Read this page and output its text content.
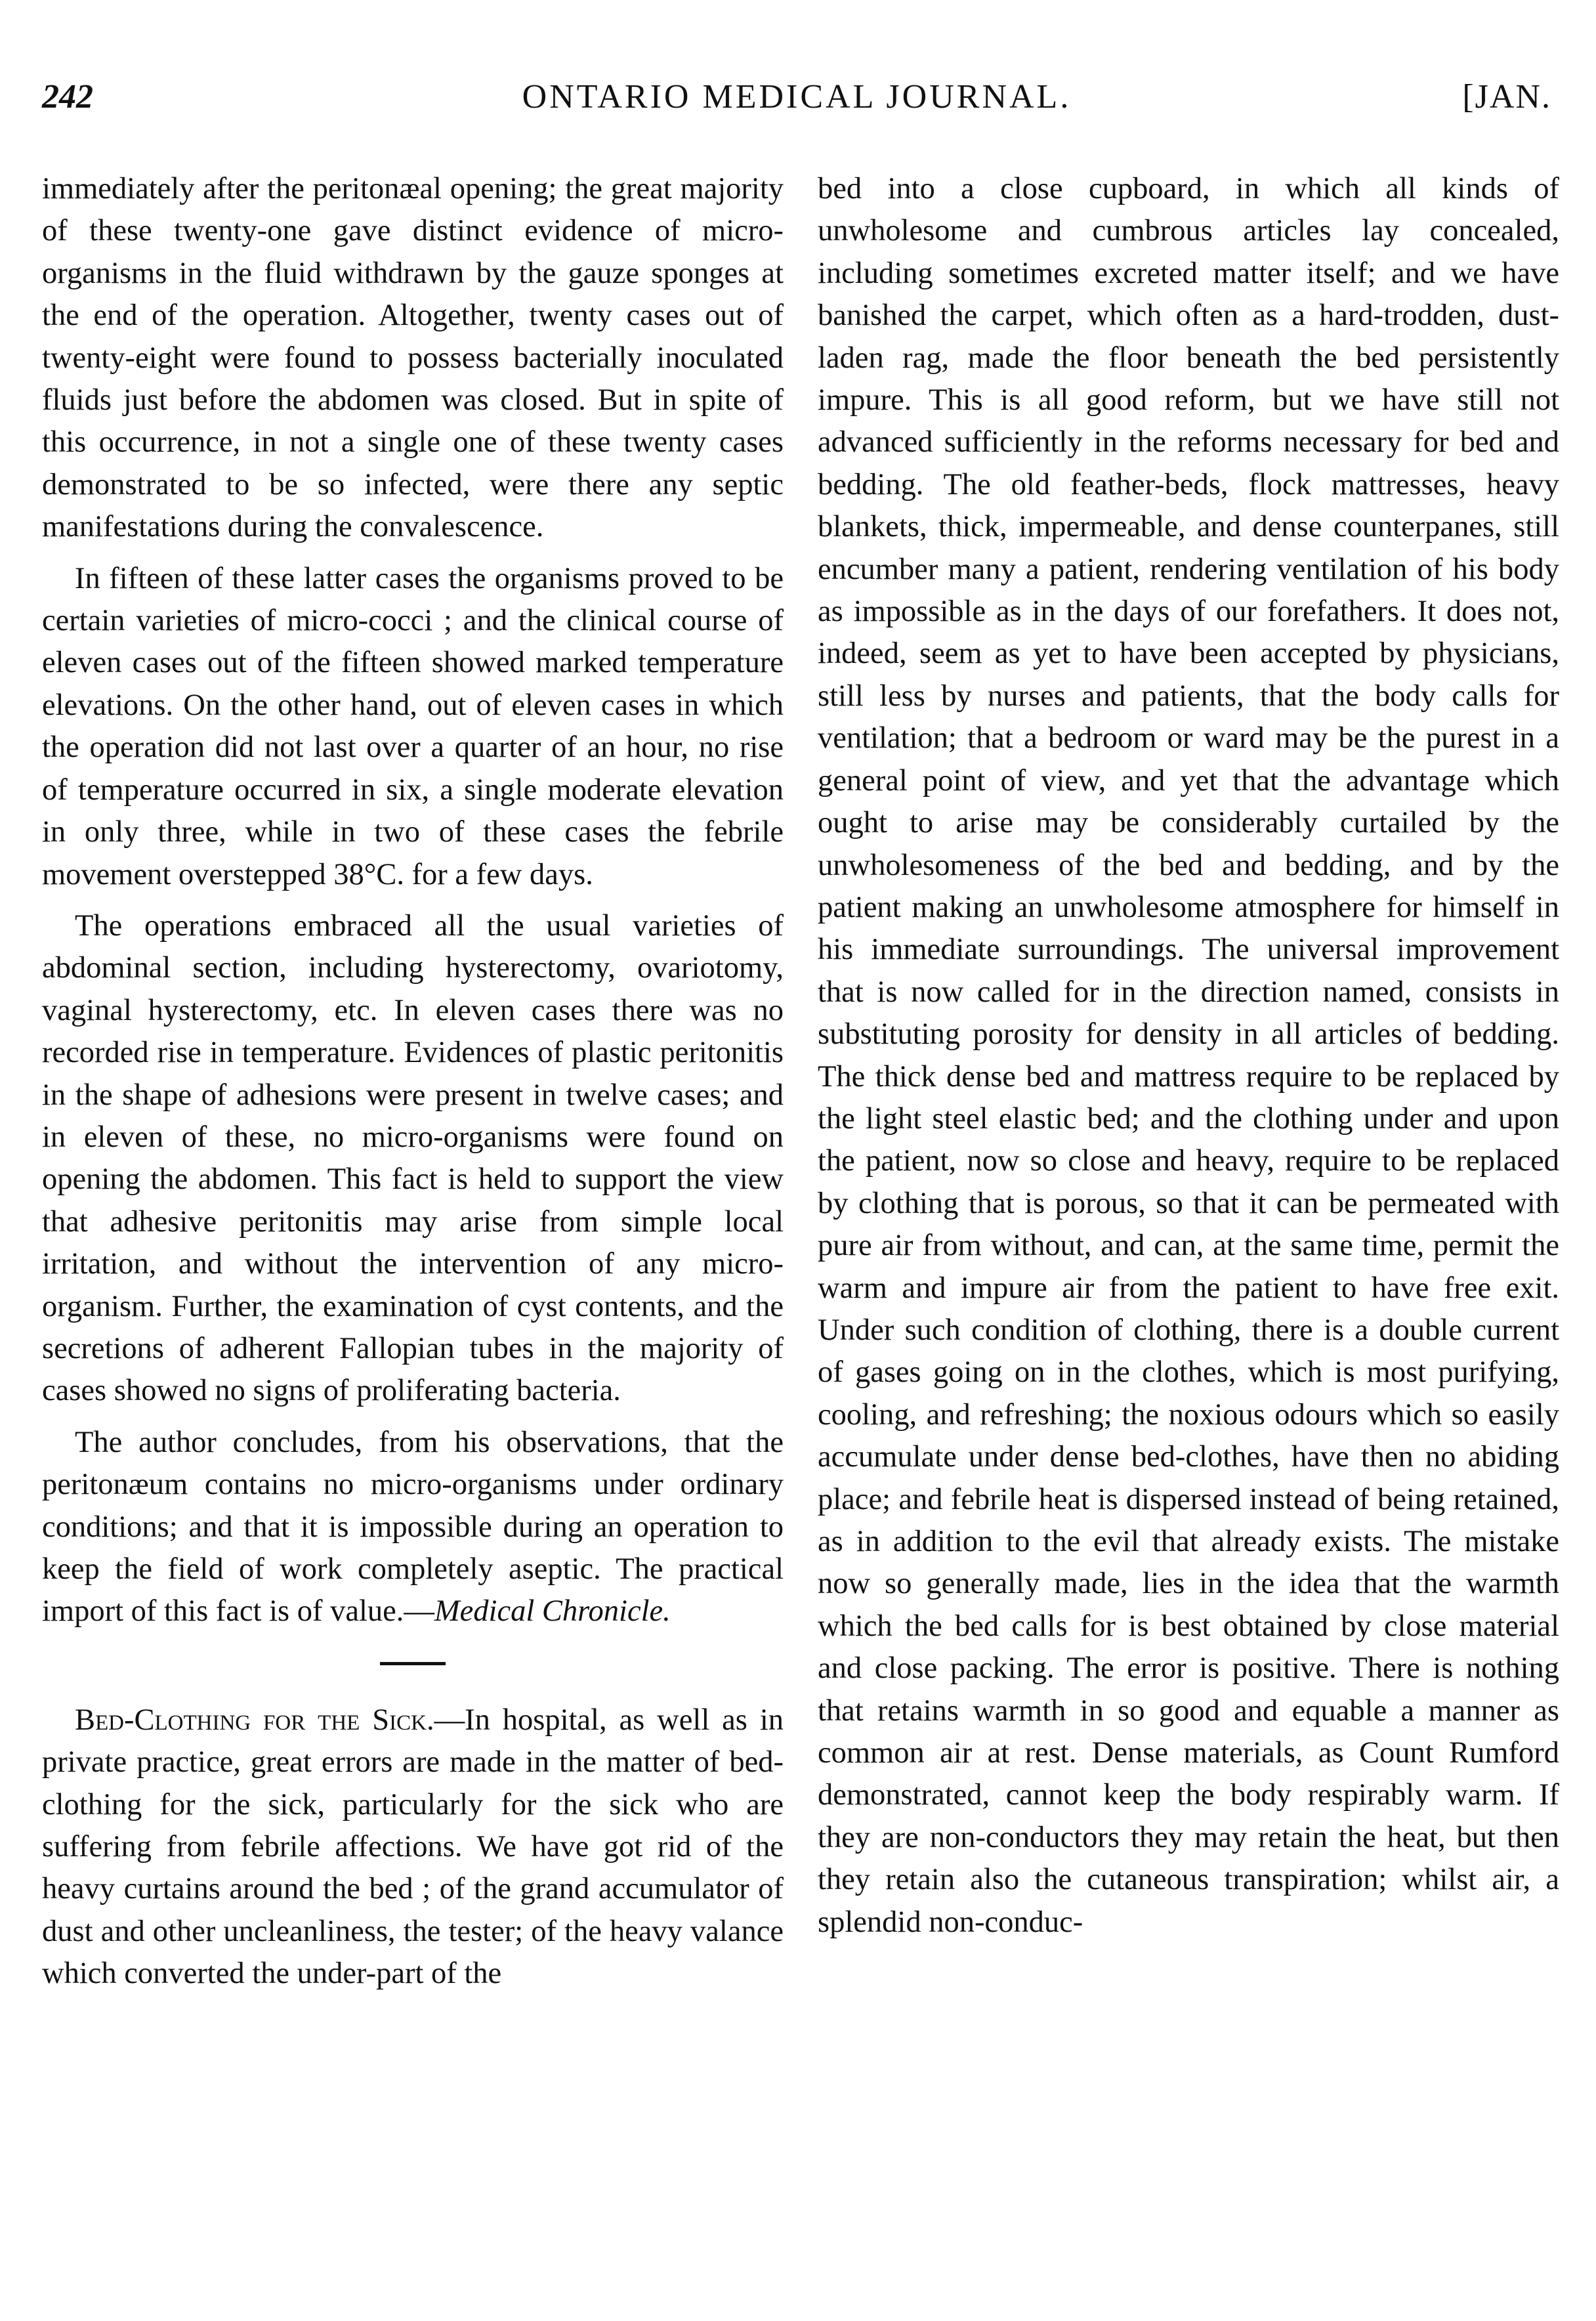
242	ONTARIO MEDICAL JOURNAL.	[JAN.

immediately after the peritonæal opening; the great majority of these twenty-one gave distinct evidence of micro-organisms in the fluid withdrawn by the gauze sponges at the end of the operation. Altogether, twenty cases out of twenty-eight were found to possess bacterially inoculated fluids just before the abdomen was closed. But in spite of this occurrence, in not a single one of these twenty cases demonstrated to be so infected, were there any septic manifestations during the convalescence.

In fifteen of these latter cases the organisms proved to be certain varieties of micro-cocci ; and the clinical course of eleven cases out of the fifteen showed marked temperature elevations. On the other hand, out of eleven cases in which the operation did not last over a quarter of an hour, no rise of temperature occurred in six, a single moderate elevation in only three, while in two of these cases the febrile movement overstepped 38°C. for a few days.

The operations embraced all the usual varieties of abdominal section, including hysterectomy, ovariotomy, vaginal hysterectomy, etc. In eleven cases there was no recorded rise in temperature. Evidences of plastic peritonitis in the shape of adhesions were present in twelve cases; and in eleven of these, no micro-organisms were found on opening the abdomen. This fact is held to support the view that adhesive peritonitis may arise from simple local irritation, and without the intervention of any micro-organism. Further, the examination of cyst contents, and the secretions of adherent Fallopian tubes in the majority of cases showed no signs of proliferating bacteria.

The author concludes, from his observations, that the peritonæum contains no micro-organisms under ordinary conditions; and that it is impossible during an operation to keep the field of work completely aseptic. The practical import of this fact is of value.—Medical Chronicle.

Bed-Clothing for the Sick.—In hospital, as well as in private practice, great errors are made in the matter of bed-clothing for the sick, particularly for the sick who are suffering from febrile affections. We have got rid of the heavy curtains around the bed ; of the grand accumulator of dust and other uncleanliness, the tester; of the heavy valance which converted the under-part of the

bed into a close cupboard, in which all kinds of unwholesome and cumbrous articles lay concealed, including sometimes excreted matter itself; and we have banished the carpet, which often as a hard-trodden, dust-laden rag, made the floor beneath the bed persistently impure. This is all good reform, but we have still not advanced sufficiently in the reforms necessary for bed and bedding. The old feather-beds, flock mattresses, heavy blankets, thick, impermeable, and dense counterpanes, still encumber many a patient, rendering ventilation of his body as impossible as in the days of our forefathers. It does not, indeed, seem as yet to have been accepted by physicians, still less by nurses and patients, that the body calls for ventilation; that a bedroom or ward may be the purest in a general point of view, and yet that the advantage which ought to arise may be considerably curtailed by the unwholesomeness of the bed and bedding, and by the patient making an unwholesome atmosphere for himself in his immediate surroundings. The universal improvement that is now called for in the direction named, consists in substituting porosity for density in all articles of bedding. The thick dense bed and mattress require to be replaced by the light steel elastic bed; and the clothing under and upon the patient, now so close and heavy, require to be replaced by clothing that is porous, so that it can be permeated with pure air from without, and can, at the same time, permit the warm and impure air from the patient to have free exit. Under such condition of clothing, there is a double current of gases going on in the clothes, which is most purifying, cooling, and refreshing; the noxious odours which so easily accumulate under dense bed-clothes, have then no abiding place; and febrile heat is dispersed instead of being retained, as in addition to the evil that already exists. The mistake now so generally made, lies in the idea that the warmth which the bed calls for is best obtained by close material and close packing. The error is positive. There is nothing that retains warmth in so good and equable a manner as common air at rest. Dense materials, as Count Rumford demonstrated, cannot keep the body respirably warm. If they are non-conductors they may retain the heat, but then they retain also the cutaneous transpiration; whilst air, a splendid non-conduc-
